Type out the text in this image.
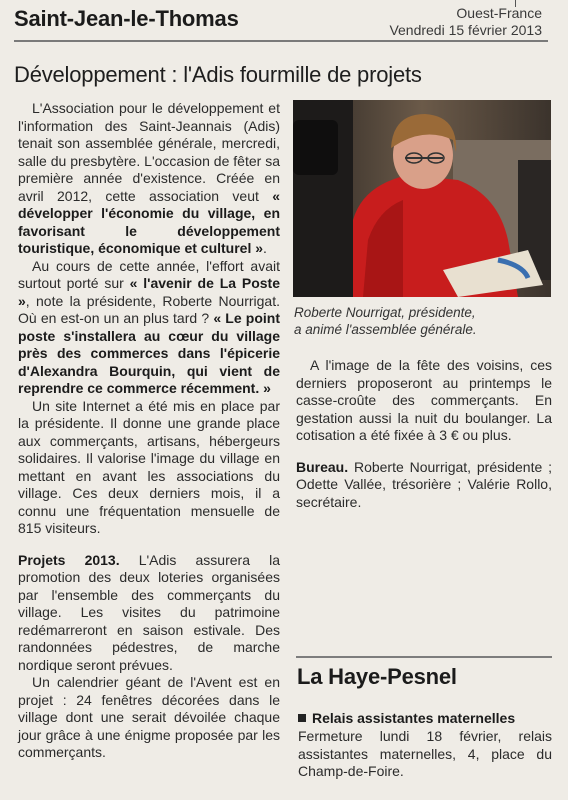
Saint-Jean-le-Thomas	Ouest-France
Vendredi 15 février 2013
Développement : l'Adis fourmille de projets

L'Association pour le développement et l'information des Saint-Jeannais (Adis) tenait son assemblée générale, mercredi, salle du presbytère. L'occasion de fêter sa première année d'existence. Créée en avril 2012, cette association veut « développer l'économie du village, en favorisant le développement touristique, économique et culturel ».

Au cours de cette année, l'effort avait surtout porté sur « l'avenir de La Poste », note la présidente, Roberte Nourrigat. Où en est-on un an plus tard ? « Le point poste s'installera au cœur du village près des commerces dans l'épicerie d'Alexandra Bourquin, qui vient de reprendre ce commerce récemment. »

Un site Internet a été mis en place par la présidente. Il donne une grande place aux commerçants, artisans, hébergeurs solidaires. Il valorise l'image du village en mettant en avant les associations du village. Ces deux derniers mois, il a connu une fréquentation mensuelle de 815 visiteurs.

Projets 2013. L'Adis assurera la promotion des deux loteries organisées par l'ensemble des commerçants du village. Les visites du patrimoine redémarreront en saison estivale. Des randonnées pédestres, de marche nordique seront prévues.

Un calendrier géant de l'Avent est en projet : 24 fenêtres décorées dans le village dont une serait dévoilée chaque jour grâce à une énigme proposée par les commerçants.

Roberte Nourrigat, présidente,
a animé l'assemblée générale.

A l'image de la fête des voisins, ces derniers proposeront au printemps le casse-croûte des commerçants. En gestation aussi la nuit du boulanger. La cotisation a été fixée à 3 € ou plus.

Bureau. Roberte Nourrigat, présidente ; Odette Vallée, trésorière ; Valérie Rollo, secrétaire.

La Haye-Pesnel
Relais assistantes maternelles
Fermeture lundi 18 février, relais assistantes maternelles, 4, place du Champ-de-Foire.
